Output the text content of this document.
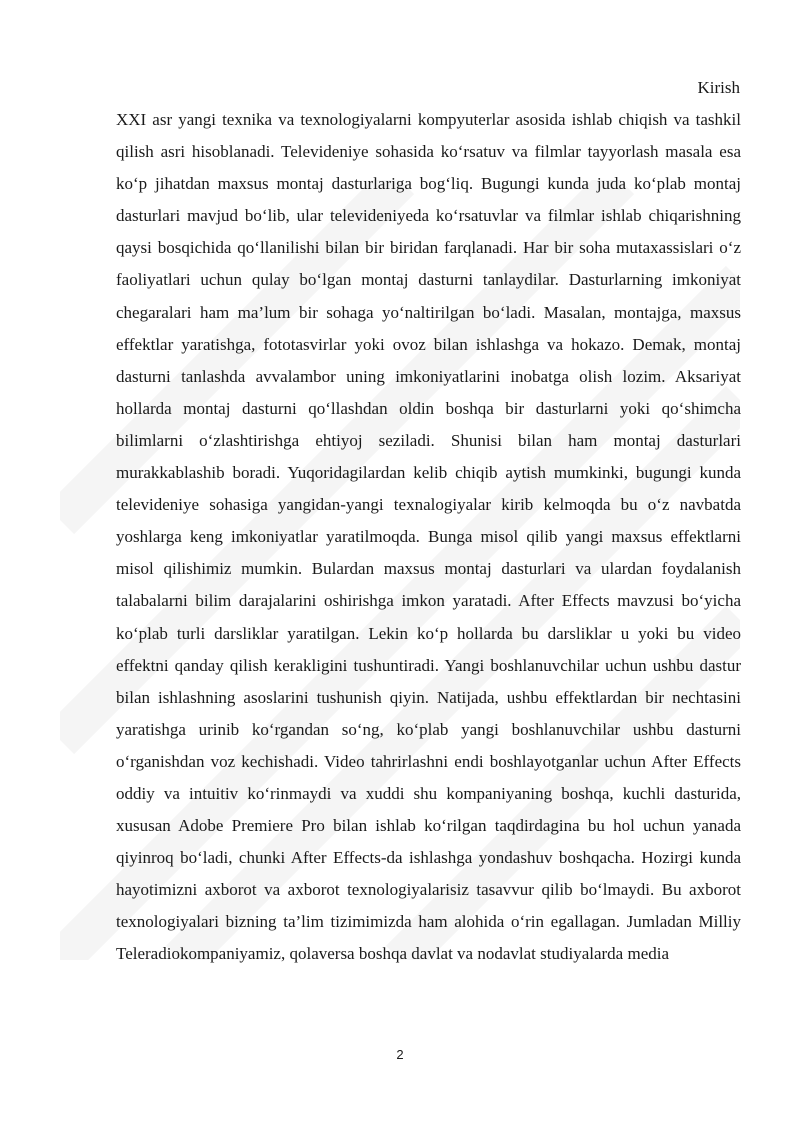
Kirish

XXI asr yangi texnika va texnologiyalarni kompyuterlar asosida ishlab chiqish va tashkil qilish asri hisoblanadi. Televideniye sohasida ko‘rsatuv va filmlar tayyorlash masala esa ko‘p jihatdan maxsus montaj dasturlariga bog‘liq. Bugungi kunda juda ko‘plab montaj dasturlari mavjud bo‘lib, ular televideniyeda ko‘rsatuvlar va filmlar ishlab chiqarishning qaysi bosqichida qo‘llanilishi bilan bir biridan farqlanadi. Har bir soha mutaxassislari o‘z faoliyatlari uchun qulay bo‘lgan montaj dasturni tanlaydilar. Dasturlarning imkoniyat chegaralari ham ma’lum bir sohaga yo‘naltirilgan bo‘ladi. Masalan, montajga, maxsus effektlar yaratishga, fototasvirlar yoki ovoz bilan ishlashga va hokazo. Demak, montaj dasturni tanlashda avvalambor uning imkoniyatlarini inobatga olish lozim. Aksariyat hollarda montaj dasturni qo‘llashdan oldin boshqa bir dasturlarni yoki qo‘shimcha bilimlarni o‘zlashtirishga ehtiyoj seziladi. Shunisi bilan ham montaj dasturlari murakkablashib boradi. Yuqoridagilardan kelib chiqib aytish mumkinki, bugungi kunda televideniye sohasiga yangidan-yangi texnalogiyalar kirib kelmoqda bu o‘z navbatda yoshlarga keng imkoniyatlar yaratilmoqda. Bunga misol qilib yangi maxsus effektlarni misol qilishimiz mumkin. Bulardan maxsus montaj dasturlari va ulardan foydalanish talabalarni bilim darajalarini oshirishga imkon yaratadi. After Effects mavzusi bo‘yicha ko‘plab turli darsliklar yaratilgan. Lekin ko‘p hollarda bu darsliklar u yoki bu video effektni qanday qilish kerakligini tushuntiradi. Yangi boshlanuvchilar uchun ushbu dastur bilan ishlashning asoslarini tushunish qiyin. Natijada, ushbu effektlardan bir nechtasini yaratishga urinib ko‘rgandan so‘ng, ko‘plab yangi boshlanuvchilar ushbu dasturni o‘rganishdan voz kechishadi. Video tahrirlashni endi boshlayotganlar uchun After Effects oddiy va intuitiv ko‘rinmaydi va xuddi shu kompaniyaning boshqa, kuchli dasturida, xususan Adobe Premiere Pro bilan ishlab ko‘rilgan taqdirdagina bu hol uchun yanada qiyinroq bo‘ladi, chunki After Effects-da ishlashga yondashuv boshqacha. Hozirgi kunda hayotimizni axborot va axborot texnologiyalarisiz tasavvur qilib bo‘lmaydi. Bu axborot texnologiyalari bizning ta’lim tizimimizda ham alohida o‘rin egallagan. Jumladan Milliy Teleradiokompaniyamiz, qolaversa boshqa davlat va nodavlat studiyalarda media

2
